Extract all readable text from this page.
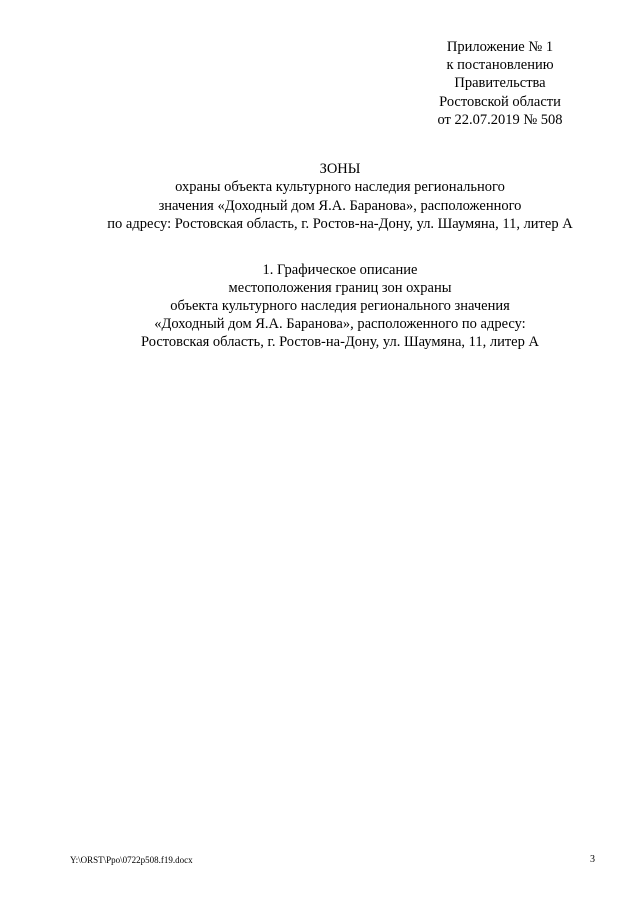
Приложение № 1
к постановлению
Правительства
Ростовской области
от 22.07.2019 № 508
ЗОНЫ
охраны объекта культурного наследия регионального
значения «Доходный дом Я.А. Баранова», расположенного
по адресу: Ростовская область, г. Ростов-на-Дону, ул. Шаумяна, 11, литер А
1. Графическое описание
местоположения границ зон охраны
объекта культурного наследия регионального значения
«Доходный дом Я.А. Баранова», расположенного по адресу:
Ростовская область, г. Ростов-на-Дону, ул. Шаумяна, 11, литер А
Y:\ORST\Ppo\0722p508.f19.docx	3
